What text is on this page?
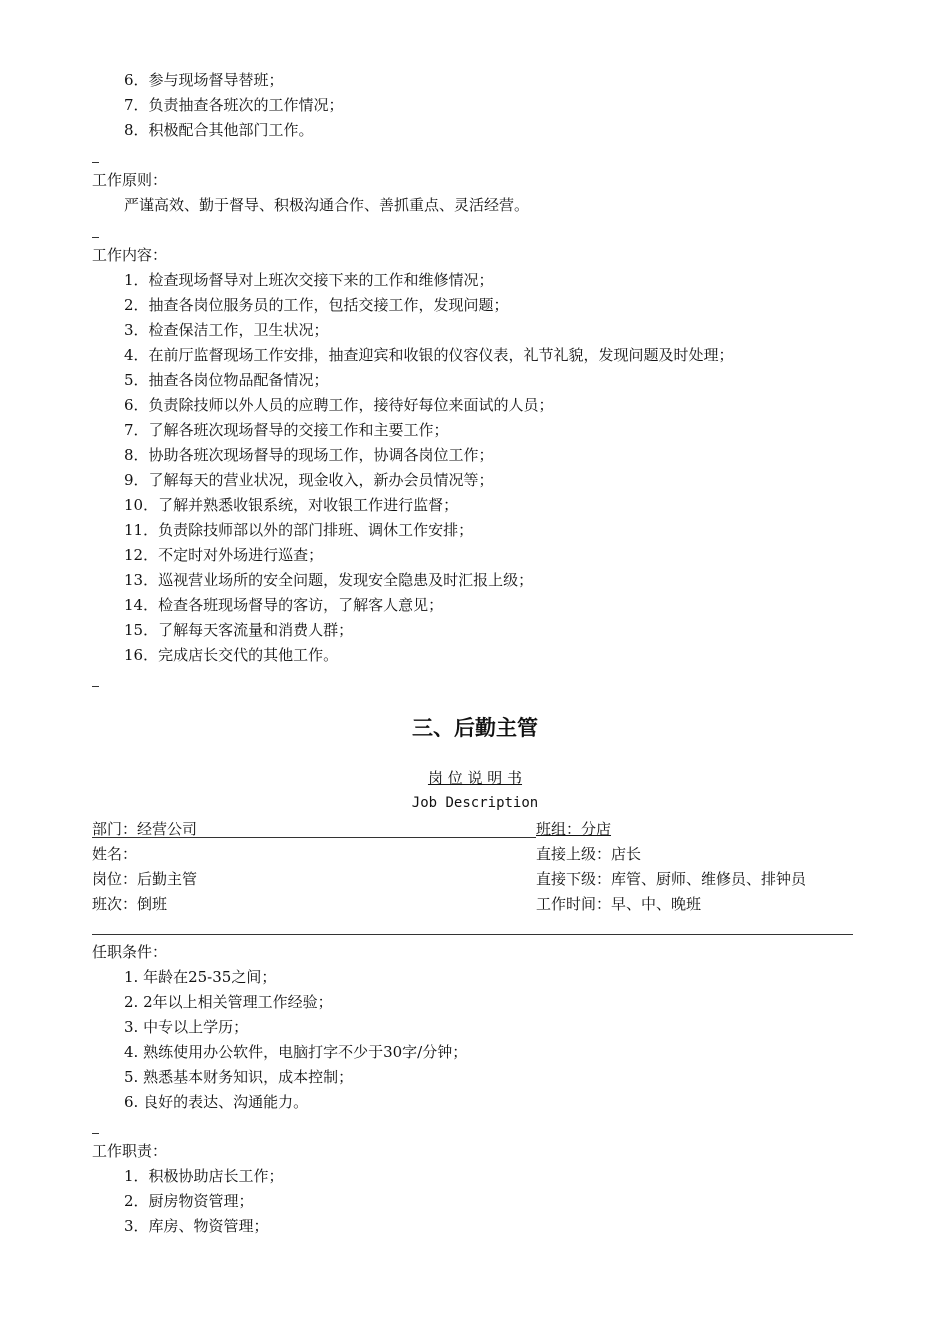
6．参与现场督导替班；
7．负责抽查各班次的工作情况；
8．积极配合其他部门工作。
工作原则：
严谨高效、勤于督导、积极沟通合作、善抓重点、灵活经营。
工作内容：
1．检查现场督导对上班次交接下来的工作和维修情况；
2．抽查各岗位服务员的工作，包括交接工作，发现问题；
3．检查保洁工作，卫生状况；
4．在前厅监督现场工作安排，抽查迎宾和收银的仪容仪表，礼节礼貌，发现问题及时处理；
5．抽查各岗位物品配备情况；
6．负责除技师以外人员的应聘工作，接待好每位来面试的人员；
7．了解各班次现场督导的交接工作和主要工作；
8．协助各班次现场督导的现场工作，协调各岗位工作；
9．了解每天的营业状况，现金收入，新办会员情况等；
10．了解并熟悉收银系统，对收银工作进行监督；
11．负责除技师部以外的部门排班、调休工作安排；
12．不定时对外场进行巡查；
13．巡视营业场所的安全问题，发现安全隐患及时汇报上级；
14．检查各班现场督导的客访，了解客人意见；
15．了解每天客流量和消费人群；
16．完成店长交代的其他工作。
三、后勤主管
岗 位 说 明 书
Job Description
部门：经营公司	班组：分店
姓名：	直接上级：店长
岗位：后勤主管	直接下级：库管、厨师、维修员、排钟员
班次：倒班	工作时间：早、中、晚班
任职条件：
1. 年龄在25-35之间；
2. 2年以上相关管理工作经验；
3. 中专以上学历；
4. 熟练使用办公软件，电脑打字不少于30字/分钟；
5. 熟悉基本财务知识，成本控制；
6. 良好的表达、沟通能力。
工作职责：
1．积极协助店长工作；
2．厨房物资管理；
3．库房、物资管理；
